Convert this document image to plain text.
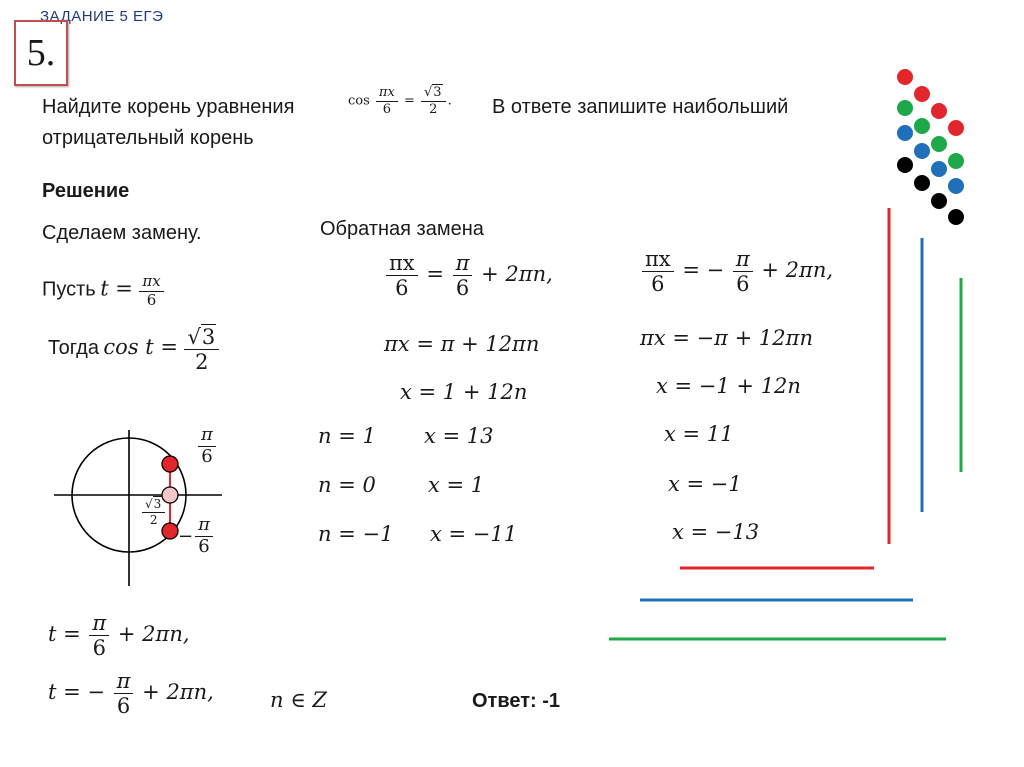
ЗАДАНИЕ 5 ЕГЭ
5.
Найдите корень уравнения	$\cos \frac{\pi x}{6} = \frac{√3}{2}$ . В ответе запишите наибольший
отрицательный корень
Решение
Сделаем замену.
Пусть $t = \frac{\pi x}{6}$
Тогда $\cos t = \frac{√3}{2}$
$\frac{\pi}{6}$
$\frac{√3}{2}$
− $\frac{\pi}{6}$
$t = \frac{\pi}{6} + 2\pi n$,
t = − $\frac{\pi}{6} + 2\pi n$,	n ∈ Z
Обратная замена
$\frac{\pi x}{6} = \frac{\pi}{6} + 2\pi n$,
πx = π + 12πn
x = 1 + 12n
n = 1 x = 13
n = 0 x = 1
n = −1 x = −11
$\frac{\pi x}{6}$ = − $\frac{\pi}{6} + 2\pi n$,
πx = −π + 12πn
x = −1 + 12n
x = 11
x = −1
x = −13
Ответ: -1
